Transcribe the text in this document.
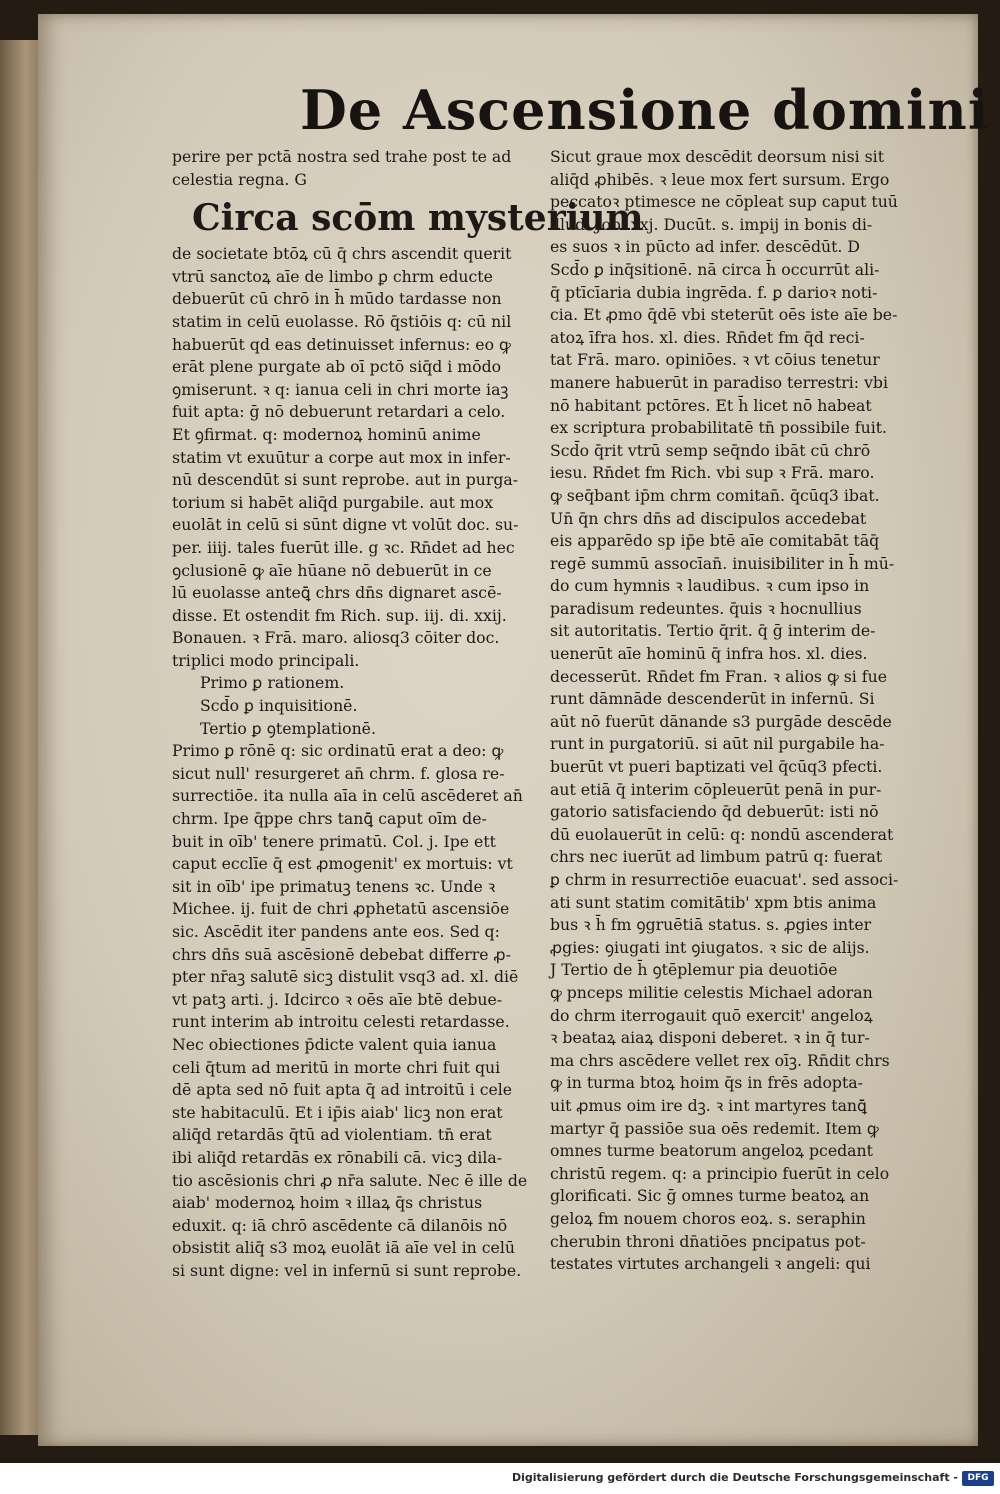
De Ascensione domini
perire per pctā nostra sed trahe post te ad
celestia regna. G
Circa scōm mysterium
de societate btōꝝ cū q̄ chrs ascendit querit
vtrū sanctoꝝ aīe de limbo ꝑ chrm educte
debuerūt cū chrō in h̄ mūdo tardasse non
statim in celū euolasse. Rō q̄stiōis q: cū nil
habuerūt qd eas detinuisset infernus: eo ꝙ
erāt plene purgate ab oī pctō siq̄d i mōdo
ꝯmiserunt. ꝛ q: ianua celi in chri morte iaꝫ
fuit apta: ḡ nō debuerunt retardari a celo.
Et ꝯfirmat. q: modernoꝝ hominū anime
statim vt exuūtur a corpe aut mox in infer-
nū descendūt si sunt reprobe. aut in purga-
torium si habēt aliq̄d purgabile. aut mox
euolāt in celū si sūnt digne vt volūt doc. su-
per. iiij. tales fuerūt ille. g ꝛc. Rn̄det ad hec
ꝯclusionē ꝙ aīe hūane nō debuerūt in ce
lū euolasse anteꝗ̄ chrs dn̄s dignaret ascē-
disse. Et ostendit fm Rich. sup. iij. di. xxij.
Bonauen. ꝛ Frā. maro. aliosq3 cōiter doc.
triplici modo principali.
Primo ꝑ rationem.
Scd̄o ꝑ inquisitionē.
Tertio ꝑ ꝯtemplationē.
Primo ꝑ rōnē q: sic ordinatū erat a deo: ꝙ
sicut null' resurgeret an̄ chrm. f. glosa re-
surrectiōe. ita nulla aīa in celū ascēderet an̄
chrm. Ipe q̄ppe chrs tanꝗ̄ caput oīm de-
buit in oīb' tenere primatū. Col. j. Ipe ett
caput ecclīe q̄ est ꝓmogenit' ex mortuis: vt
sit in oīb' ipe primatuꝫ tenens ꝛc. Unde ꝛ
Michee. ij. fuit de chri ꝓphetatū ascensiōe
sic. Ascēdit iter pandens ante eos. Sed q:
chrs dn̄s suā ascēsionē debebat differre ꝓ-
pter nr̄aꝫ salutē sicꝫ distulit vsq3 ad. xl. diē
vt patꝫ arti. j. Idcirco ꝛ oēs aīe btē debue-
runt interim ab introitu celesti retardasse.
Nec obiectiones p̄dicte valent quia ianua
celi q̄tum ad meritū in morte chri fuit qui
dē apta sed nō fuit apta q̄ ad introitū i cele
ste habitaculū. Et i ip̄is aiab' licꝫ non erat
aliq̄d retardās q̄tū ad violentiam. tn̄ erat
ibi aliq̄d retardās ex rōnabili cā. vicꝫ dila-
tio ascēsionis chri ꝓ nr̄a salute. Nec ē ille de
aiab' modernoꝝ hoim ꝛ illaꝝ q̄s christus
eduxit. q: iā chrō ascēdente cā dilanōis nō
obsistit aliq̄ s3 moꝝ euolāt iā aīe vel in celū
si sunt digne: vel in infernū si sunt reprobe.
Sicut graue mox descēdit deorsum nisi sit
aliq̄d ꝓhibēs. ꝛ leue mox fert sursum. Ergo
peccatoꝛ ptimesce ne cōpleat sup caput tuū
illud. Job. xxj. Ducūt. s. impij in bonis di-
es suos ꝛ in pūcto ad infer. descēdūt. D
Scd̄o ꝑ inq̄sitionē. nā circa h̄ occurrūt ali-
q̄ ptīcīaria dubia ingrēda. f. ꝑ darioꝛ noti-
cia. Et ꝓmo q̄dē vbi steterūt oēs iste aīe be-
atoꝝ īfra hos. xl. dies. Rn̄det fm q̄d reci-
tat Frā. maro. opiniōes. ꝛ vt cōius tenetur
manere habuerūt in paradiso terrestri: vbi
nō habitant pctōres. Et h̄ licet nō habeat
ex scriptura probabilitatē tn̄ possibile fuit.
Scd̄o q̄rit vtrū semp seq̄ndo ibāt cū chrō
iesu. Rn̄det fm Rich. vbi sup ꝛ Frā. maro.
ꝙ seq̄bant ip̄m chrm comitan̄. q̄cūq3 ibat.
Un̄ q̄n chrs dn̄s ad discipulos accedebat
eis apparēdo sp ip̄e btē aīe comitabāt tāq̄
regē summū assocīan̄. inuisibiliter in h̄ mū-
do cum hymnis ꝛ laudibus. ꝛ cum ipso in
paradisum redeuntes. q̄uis ꝛ hocnullius
sit autoritatis. Tertio q̄rit. q̄ ḡ interim de-
uenerūt aīe hominū q̄ infra hos. xl. dies.
decesserūt. Rn̄det fm Fran. ꝛ alios ꝙ si fue
runt dāmnāde descenderūt in infernū. Si
aūt nō fuerūt dānande s3 purgāde descēde
runt in purgatoriū. si aūt nil purgabile ha-
buerūt vt pueri baptizati vel q̄cūq3 pfecti.
aut etiā q̄ interim cōpleuerūt penā in pur-
gatorio satisfaciendo q̄d debuerūt: isti nō
dū euolauerūt in celū: q: nondū ascenderat
chrs nec iuerūt ad limbum patrū q: fuerat
ꝑ chrm in resurrectiōe euacuat'. sed associ-
ati sunt statim comitātib' xpm btis anima
bus ꝛ h̄ fm ꝯgruētiā status. s. ꝓgies inter
ꝓgies: ꝯiugati int ꝯiugatos. ꝛ sic de alijs.
J Tertio de h̄ ꝯtēplemur pia deuotiōe
ꝙ pnceps militie celestis Michael adoran
do chrm iterrogauit quō exercit' angeloꝝ
ꝛ beataꝝ aiaꝝ disponi deberet. ꝛ in q̄ tur-
ma chrs ascēdere vellet rex oīꝫ. Rn̄dit chrs
ꝙ in turma btoꝝ hoim q̄s in frēs adopta-
uit ꝓmus oim ire dꝫ. ꝛ int martyres tanꝗ̄
martyr q̄ passiōe sua oēs redemit. Item ꝙ
omnes turme beatorum angeloꝝ pcedant
christū regem. q: a principio fuerūt in celo
glorificati. Sic ḡ omnes turme beatoꝝ an
geloꝝ fm nouem choros eoꝝ. s. seraphin
cherubin throni dn̄atiōes pncipatus pot-
testates virtutes archangeli ꝛ angeli: qui
Digitalisierung gefördert durch die Deutsche Forschungsgemeinschaft -	DFG
